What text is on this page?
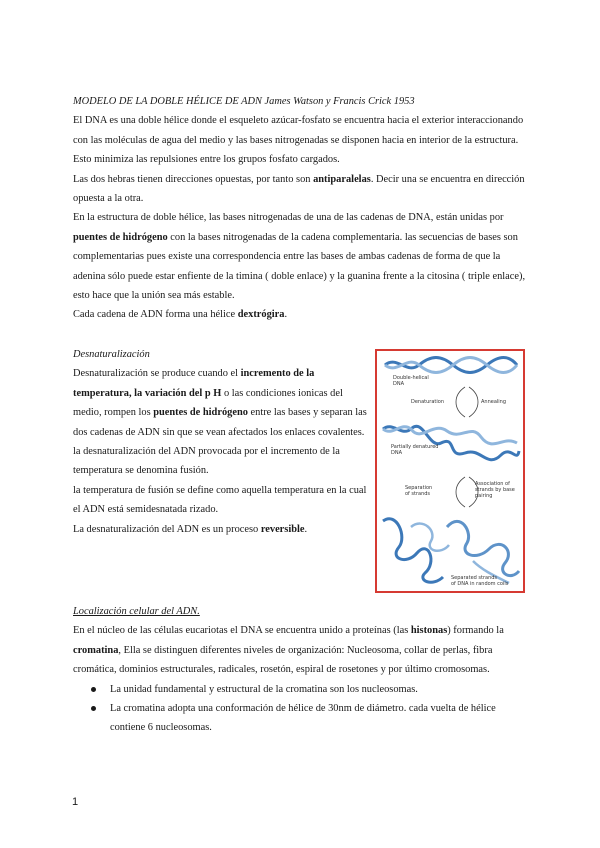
MODELO DE LA DOBLE HÉLICE DE ADN James Watson y Francis Crick 1953

El DNA es una doble hélice donde el esqueleto azúcar-fosfato se encuentra hacia el exterior interaccionando con las moléculas de agua del medio y las bases nitrogenadas se disponen hacia en interior de la estructura. Esto minimiza las repulsiones entre los grupos fosfato cargados.

Las dos hebras tienen direcciones opuestas, por tanto son antiparalelas. Decir una se encuentra en dirección opuesta a la otra.

En la estructura de doble hélice, las bases nitrogenadas de una de las cadenas de DNA, están unidas por puentes de hidrógeno con la bases nitrogenadas de la cadena complementaria. las secuencias de bases son complementarias pues existe una correspondencia entre las bases de ambas cadenas de forma de que la adenina sólo puede estar enfiente de la timina ( doble enlace) y la guanina frente a la citosina ( triple enlace), esto hace que la unión sea más estable.

Cada cadena de ADN forma una hélice dextrógira.

Desnaturalización

Desnaturalización se produce cuando el incremento de la temperatura, la variación del p H o las condiciones ionicas del medio, rompen los puentes de hidrógeno entre las bases y separan las dos cadenas de ADN sin que se vean afectados los enlaces covalentes.

la desnaturalización del ADN provocada por el incremento de la temperatura se denomina fusión.

la temperatura de fusión se define como aquella temperatura en la cual el ADN está semidesnatada rizado.

La desnaturalización del ADN es un proceso reversible.

Double-helical
DNA
Denaturation	Annealing
Partially denatured
DNA
Separation
of strands
Association of
strands by base
pairing
Separated strands
of DNA in random coils

Localización celular del ADN.

En el núcleo de las células eucariotas el DNA se encuentra unido a proteínas (las histonas) formando la cromatina, Ella se distinguen diferentes niveles de organización: Nucleosoma, collar de perlas, fibra cromática, dominios estructurales, radicales, rosetón, espiral de rosetones y por último cromosomas.

La unidad fundamental y estructural de la cromatina son los nucleosomas.
La cromatina adopta una conformación de hélice de 30nm de diámetro. cada vuelta de hélice contiene 6 nucleosomas.
1
